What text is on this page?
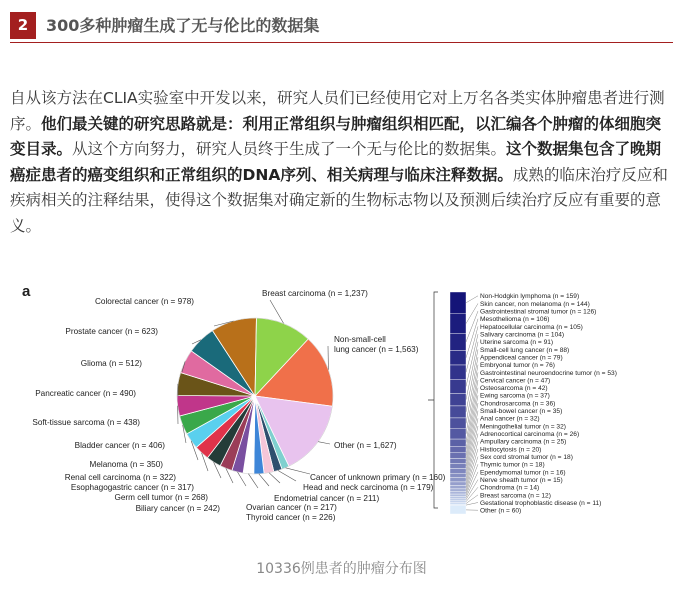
2	300多种肿瘤生成了无与伦比的数据集

自从该方法在CLIA实验室中开发以来，研究人员们已经使用它对上万名各类实体肿瘤患者进行测序。他们最关键的研究思路就是：利用正常组织与肿瘤组织相匹配，以汇编各个肿瘤的体细胞突变目录。从这个方向努力，研究人员终于生成了一个无与伦比的数据集。这个数据集包含了晚期癌症患者的癌变组织和正常组织的DNA序列、相关病理与临床注释数据。成熟的临床治疗反应和疾病相关的注释结果，使得这个数据集对确定新的生物标志物以及预测后续治疗反应有重要的意义。

a	Breast carcinoma (n = 1,237)
Non-small-cell lung cancer (n = 1,563)
Other (n = 1,627)
Cancer of unknown primary (n = 160)
Head and neck carcinoma (n = 179)
Endometrial cancer (n = 211)
Ovarian cancer (n = 217)
Thyroid cancer (n = 226)
Biliary cancer (n = 242)
Germ cell tumor (n = 268)
Esophagogastric cancer (n = 317)
Renal cell carcinoma (n = 322)
Melanoma (n = 350)
Bladder cancer (n = 406)
Soft-tissue sarcoma (n = 438)
Pancreatic cancer (n = 490)
Glioma (n = 512)
Prostate cancer (n = 623)
Colorectal cancer (n = 978)
Non-Hodgkin lymphoma (n = 159)
Skin cancer, non melanoma (n = 144)
Gastrointestinal stromal tumor (n = 126)
Mesothelioma (n = 106)
Hepatocellular carcinoma (n = 105)
Salivary carcinoma (n = 104)
Uterine sarcoma (n = 91)
Small-cell lung cancer (n = 88)
Appendiceal cancer (n = 79)
Embryonal tumor (n = 76)
Gastrointestinal neuroendocrine tumor (n = 53)
Cervical cancer (n = 47)
Osteosarcoma (n = 42)
Ewing sarcoma (n = 37)
Chondrosarcoma (n = 36)
Small-bowel cancer (n = 35)
Anal cancer (n = 32)
Meningothelial tumor (n = 32)
Adrenocortical carcinoma (n = 26)
Ampullary carcinoma (n = 25)
Histiocytosis (n = 20)
Sex cord stromal tumor (n = 18)
Thymic tumor (n = 18)
Ependymomal tumor (n = 16)
Nerve sheath tumor (n = 15)
Chondroma (n = 14)
Breast sarcoma (n = 12)
Gestational trophoblastic disease (n = 11)
Other (n = 60)
10336例患者的肿瘤分布图
